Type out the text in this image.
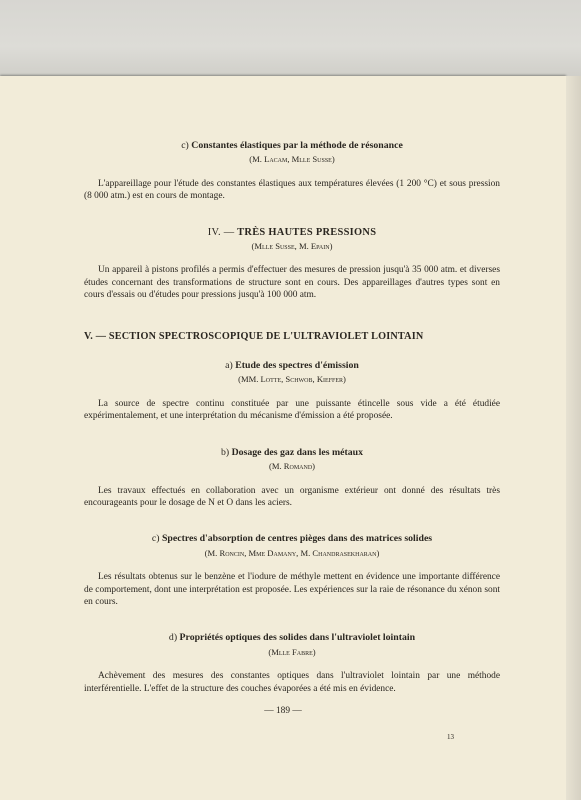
c) Constantes élastiques par la méthode de résonance

(M. Lacam, Mlle Susse)

L'appareillage pour l'étude des constantes élastiques aux températures élevées (1 200 °C) et sous pression (8 000 atm.) est en cours de montage.

IV. — TRÈS HAUTES PRESSIONS

(Mlle Susse, M. Epain)

Un appareil à pistons profilés a permis d'effectuer des mesures de pression jusqu'à 35 000 atm. et diverses études concernant des transformations de structure sont en cours. Des appareillages d'autres types sont en cours d'essais ou d'études pour pressions jusqu'à 100 000 atm.

V. — SECTION SPECTROSCOPIQUE DE L'ULTRAVIOLET LOINTAIN

a) Etude des spectres d'émission

(MM. Lotte, Schwob, Kieffer)

La source de spectre continu constituée par une puissante étincelle sous vide a été étudiée expérimentalement, et une interprétation du mécanisme d'émission a été proposée.

b) Dosage des gaz dans les métaux

(M. Romand)

Les travaux effectués en collaboration avec un organisme extérieur ont donné des résultats très encourageants pour le dosage de N et O dans les aciers.

c) Spectres d'absorption de centres pièges dans des matrices solides

(M. Roncin, Mme Damany, M. Chandrasekharan)

Les résultats obtenus sur le benzène et l'iodure de méthyle mettent en évidence une importante différence de comportement, dont une interprétation est proposée. Les expériences sur la raie de résonance du xénon sont en cours.

d) Propriétés optiques des solides dans l'ultraviolet lointain

(Mlle Fabre)

Achèvement des mesures des constantes optiques dans l'ultraviolet lointain par une méthode interférentielle. L'effet de la structure des couches évaporées a été mis en évidence.

— 189 —
13
